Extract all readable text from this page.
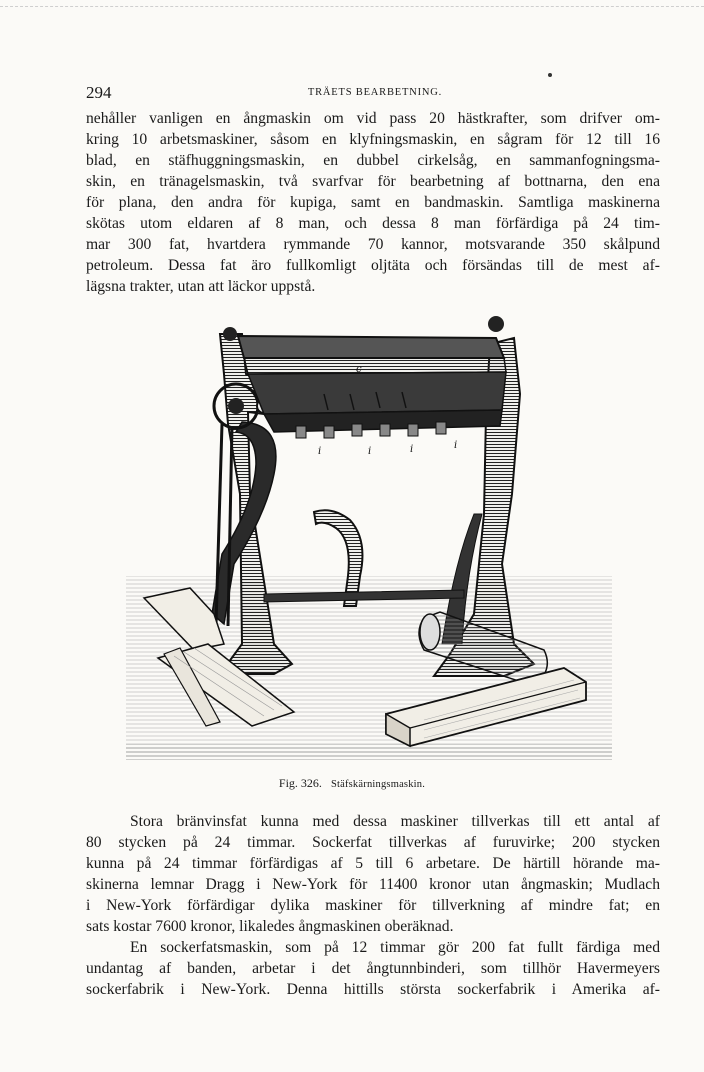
294	TRÄETS BEARBETNING.
nehåller vanligen en ångmaskin om vid pass 20 hästkrafter, som drifver om-
kring 10 arbetsmaskiner, såsom en klyfningsmaskin, en sågram för 12 till 16
blad, en stäfhuggningsmaskin, en dubbel cirkelsåg, en sammanfogningsma-
skin, en tränagelsmaskin, två svarfvar för bearbetning af bottnarna, den ena
för plana, den andra för kupiga, samt en bandmaskin. Samtliga maskinerna
skötas utom eldaren af 8 man, och dessa 8 man förfärdiga på 24 tim-
mar 300 fat, hvartdera rymmande 70 kannor, motsvarande 350 skålpund
petroleum. Dessa fat äro fullkomligt oljtäta och försändas till de mest af-
lägsna trakter, utan att läckor uppstå.
c
i	i	i	i
Fig. 326. Stäfskärningsmaskin.
Stora bränvinsfat kunna med dessa maskiner tillverkas till ett antal af
80 stycken på 24 timmar. Sockerfat tillverkas af furuvirke; 200 stycken
kunna på 24 timmar förfärdigas af 5 till 6 arbetare. De härtill hörande ma-
skinerna lemnar Dragg i New-York för 11400 kronor utan ångmaskin; Mudlach
i New-York förfärdigar dylika maskiner för tillverkning af mindre fat; en
sats kostar 7600 kronor, likaledes ångmaskinen oberäknad.
En sockerfatsmaskin, som på 12 timmar gör 200 fat fullt färdiga med
undantag af banden, arbetar i det ångtunnbinderi, som tillhör Havermeyers
sockerfabrik i New-York. Denna hittills största sockerfabrik i Amerika af-
